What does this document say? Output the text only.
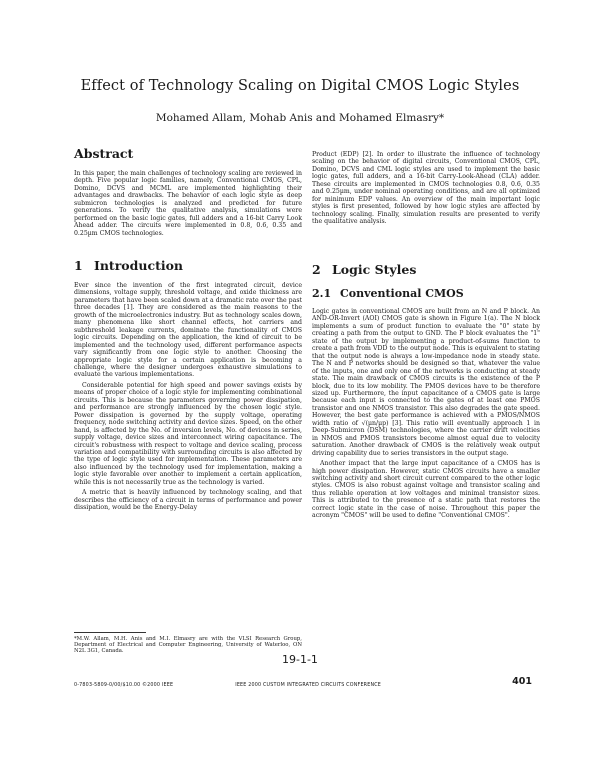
Effect of Technology Scaling on Digital CMOS Logic Styles
Mohamed Allam, Mohab Anis and Mohamed Elmasry*
Abstract

In this paper, the main challenges of technology scaling are reviewed in depth. Five popular logic families, namely, Conventional CMOS, CPL, Domino, DCVS and MCML are implemented highlighting their advantages and drawbacks. The behavior of each logic style as deep submicron technologies is analyzed and predicted for future generations. To verify the qualitative analysis, simulations were performed on the basic logic gates, full adders and a 16-bit Carry Look Ahead adder. The circuits were implemented in 0.8, 0.6, 0.35 and 0.25µm CMOS technologies.

1 Introduction

Ever since the invention of the first integrated circuit, device dimensions, voltage supply, threshold voltage, and oxide thickness are parameters that have been scaled down at a dramatic rate over the past three decades [1]. They are considered as the main reasons to the growth of the microelectronics industry. But as technology scales down, many phenomena like short channel effects, hot carriers and subthreshold leakage currents, dominate the functionality of CMOS logic circuits. Depending on the application, the kind of circuit to be implemented and the technology used, different performance aspects vary significantly from one logic style to another. Choosing the appropriate logic style for a certain application is becoming a challenge, where the designer undergoes exhaustive simulations to evaluate the various implementations.

Considerable potential for high speed and power savings exists by means of proper choice of a logic style for implementing combinational circuits. This is because the parameters governing power dissipation, and performance are strongly influenced by the chosen logic style. Power dissipation is governed by the supply voltage, operating frequency, node switching activity and device sizes. Speed, on the other hand, is affected by the No. of inversion levels, No. of devices in series, supply voltage, device sizes and interconnect wiring capacitance. The circuit's robustness with respect to voltage and device scaling, process variation and compatibility with surrounding circuits is also affected by the type of logic style used for implementation. These parameters are also influenced by the technology used for implementation, making a logic style favorable over another to implement a certain application, while this is not necessarily true as the technology is varied.

A metric that is heavily influenced by technology scaling, and that describes the efficiency of a circuit in terms of performance and power dissipation, would be the Energy-Delay

Product (EDP) [2]. In order to illustrate the influence of technology scaling on the behavior of digital circuits, Conventional CMOS, CPL, Domino, DCVS and CML logic styles are used to implement the basic logic gates, full adders, and a 16-bit Carry-Look-Ahead (CLA) adder. These circuits are implemented in CMOS technologies 0.8, 0.6, 0.35 and 0.25µm, under nominal operating conditions, and are all optimized for minimum EDP values. An overview of the main important logic styles is first presented, followed by how logic styles are affected by technology scaling. Finally, simulation results are presented to verify the qualitative analysis.

2 Logic Styles
2.1 Conventional CMOS

Logic gates in conventional CMOS are built from an N and P block. An AND-OR-Invert (AOI) CMOS gate is shown in Figure 1(a). The N block implements a sum of product function to evaluate the "0" state by creating a path from the output to GND. The P block evaluates the "1" state of the output by implementing a product-of-sums function to create a path from VDD to the output node. This is equivalent to stating that the output node is always a low-impedance node in steady state. The N and P networks should be designed so that, whatever the value of the inputs, one and only one of the networks is conducting at steady state. The main drawback of CMOS circuits is the existence of the P block, due to its low mobility. The PMOS devices have to be therefore sized up. Furthermore, the input capacitance of a CMOS gate is large because each input is connected to the gates of at least one PMOS transistor and one NMOS transistor. This also degrades the gate speed. However, the best gate performance is achieved with a PMOS/NMOS width ratio of √(µn/µp) [3]. This ratio will eventually approach 1 in Deep-Submicron (DSM) technologies, where the carrier drift velocities in NMOS and PMOS transistors become almost equal due to velocity saturation. Another drawback of CMOS is the relatively weak output driving capability due to series transistors in the output stage.

Another impact that the large input capacitance of a CMOS has is high power dissipation. However, static CMOS circuits have a smaller switching activity and short circuit current compared to the other logic styles. CMOS is also robust against voltage and transistor scaling and thus reliable operation at low voltages and minimal transistor sizes. This is attributed to the presence of a static path that restores the correct logic state in the case of noise. Throughout this paper the acronym "CMOS" will be used to define "Conventional CMOS".

*M.W. Allam, M.H. Anis and M.I. Elmasry are with the VLSI Research Group, Department of Electrical and Computer Engineering, University of Waterloo, ON N2L 3G1, Canada.
19-1-1
0-7803-5809-0/00/$10.00 ©2000 IEEE	IEEE 2000 CUSTOM INTEGRATED CIRCUITS CONFERENCE	401
